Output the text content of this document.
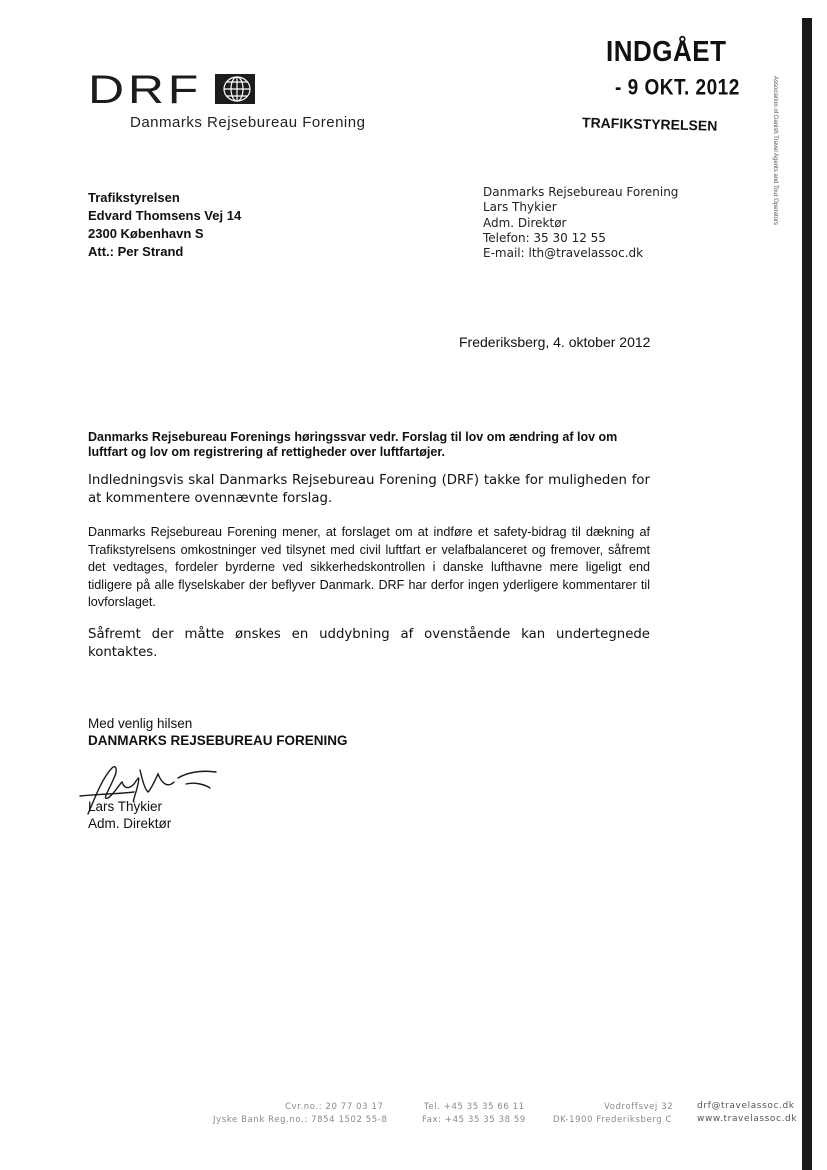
DRF
Danmarks Rejsebureau Forening	Association of Danish Travel Agents and Tour Operators
INDGÅET
- 9 OKT. 2012
TRAFIKSTYRELSEN
Trafikstyrelsen
Edvard Thomsens Vej 14
2300 København S
Att.: Per Strand
Danmarks Rejsebureau Forening
Lars Thykier
Adm. Direktør
Telefon: 35 30 12 55
E-mail: lth@travelassoc.dk
Frederiksberg, 4. oktober 2012
Danmarks Rejsebureau Forenings høringssvar vedr. Forslag til lov om ændring af lov om luftfart og lov om registrering af rettigheder over luftfartøjer.
Indledningsvis skal Danmarks Rejsebureau Forening (DRF) takke for muligheden for at kommentere ovennævnte forslag.
Danmarks Rejsebureau Forening mener, at forslaget om at indføre et safety-bidrag til dækning af Trafikstyrelsens omkostninger ved tilsynet med civil luftfart er velafbalanceret og fremover, såfremt det vedtages, fordeler byrderne ved sikkerhedskontrollen i danske lufthavne mere ligeligt end tidligere på alle flyselskaber der beflyver Danmark. DRF har derfor ingen yderligere kommentarer til lovforslaget.
Såfremt der måtte ønskes en uddybning af ovenstående kan undertegnede kontaktes.
Med venlig hilsen
DANMARKS REJSEBUREAU FORENING
Lars Thykier
Adm. Direktør
Cvr.no.: 20 77 03 17
Jyske Bank Reg.no.: 7854 1502 55-8
Tel. +45 35 35 66 11
Fax: +45 35 35 38 59
Vodroffsvej 32
DK-1900 Frederiksberg C
drf@travelassoc.dk
www.travelassoc.dk
